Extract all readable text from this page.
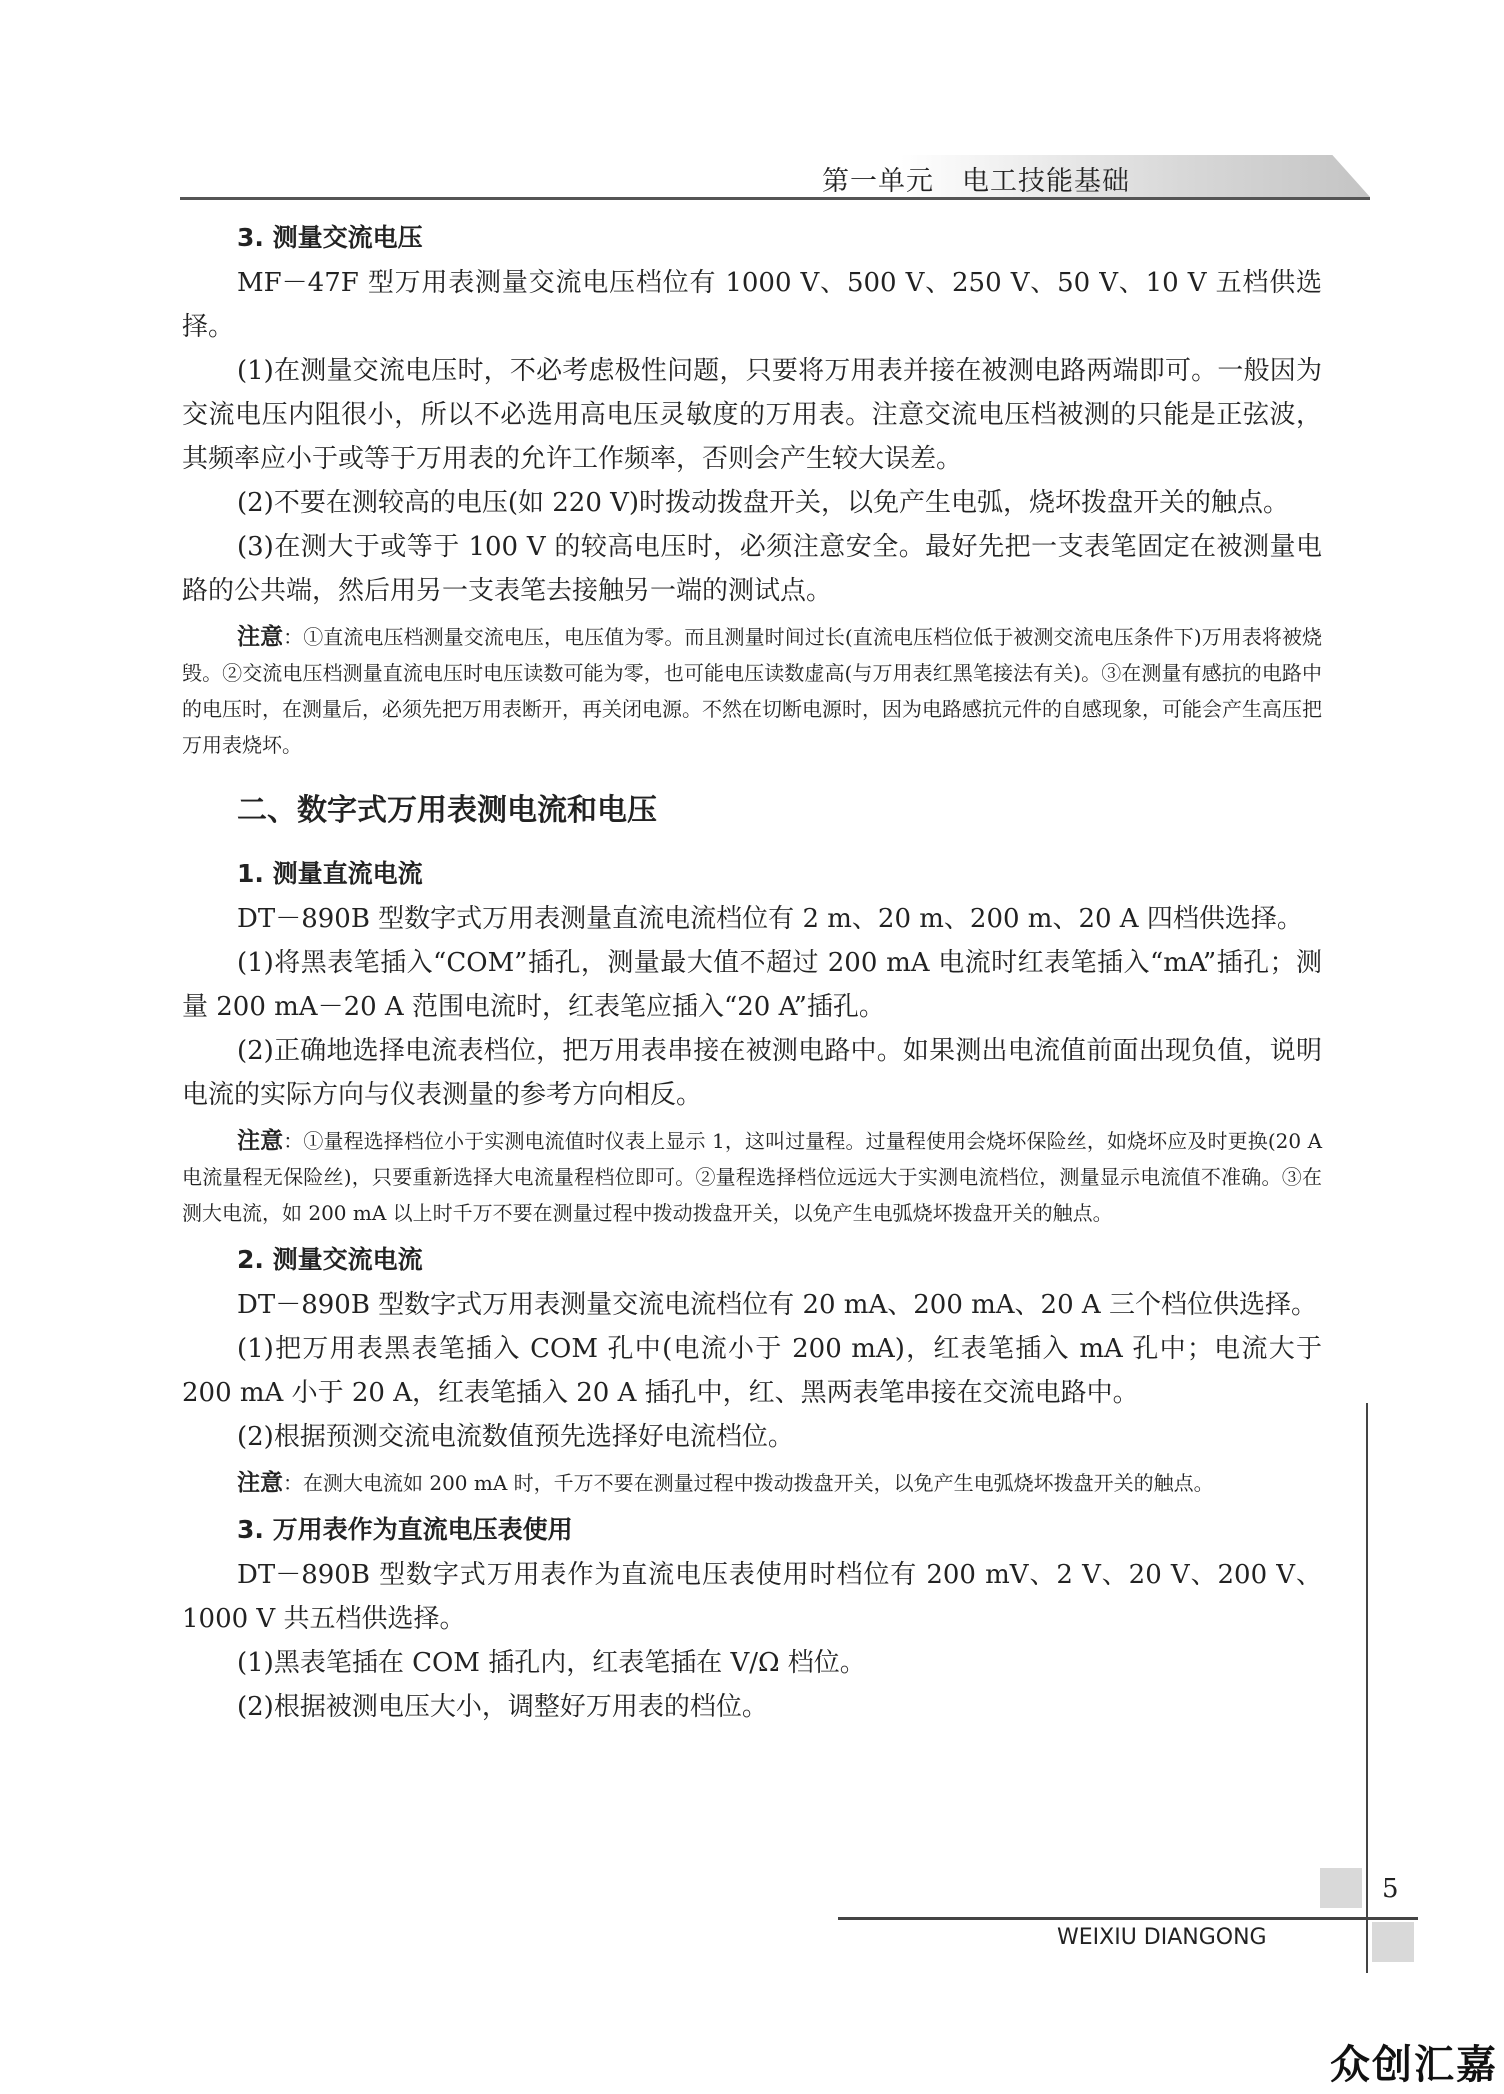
第一单元　电工技能基础
3. 测量交流电压

MF－47F 型万用表测量交流电压档位有 1000 V、500 V、250 V、50 V、10 V 五档供选择。

(1)在测量交流电压时，不必考虑极性问题，只要将万用表并接在被测电路两端即可。一般因为交流电压内阻很小，所以不必选用高电压灵敏度的万用表。注意交流电压档被测的只能是正弦波，其频率应小于或等于万用表的允许工作频率，否则会产生较大误差。

(2)不要在测较高的电压(如 220 V)时拨动拨盘开关，以免产生电弧，烧坏拨盘开关的触点。

(3)在测大于或等于 100 V 的较高电压时，必须注意安全。最好先把一支表笔固定在被测量电路的公共端，然后用另一支表笔去接触另一端的测试点。

注意：①直流电压档测量交流电压，电压值为零。而且测量时间过长(直流电压档位低于被测交流电压条件下)万用表将被烧毁。②交流电压档测量直流电压时电压读数可能为零，也可能电压读数虚高(与万用表红黑笔接法有关)。③在测量有感抗的电路中的电压时，在测量后，必须先把万用表断开，再关闭电源。不然在切断电源时，因为电路感抗元件的自感现象，可能会产生高压把万用表烧坏。

二、数字式万用表测电流和电压
1. 测量直流电流

DT－890B 型数字式万用表测量直流电流档位有 2 m、20 m、200 m、20 A 四档供选择。

(1)将黑表笔插入“COM”插孔，测量最大值不超过 200 mA 电流时红表笔插入“mA”插孔；测量 200 mA－20 A 范围电流时，红表笔应插入“20 A”插孔。

(2)正确地选择电流表档位，把万用表串接在被测电路中。如果测出电流值前面出现负值，说明电流的实际方向与仪表测量的参考方向相反。

注意：①量程选择档位小于实测电流值时仪表上显示 1，这叫过量程。过量程使用会烧坏保险丝，如烧坏应及时更换(20 A 电流量程无保险丝)，只要重新选择大电流量程档位即可。②量程选择档位远远大于实测电流档位，测量显示电流值不准确。③在测大电流，如 200 mA 以上时千万不要在测量过程中拨动拨盘开关，以免产生电弧烧坏拨盘开关的触点。

2. 测量交流电流

DT－890B 型数字式万用表测量交流电流档位有 20 mA、200 mA、20 A 三个档位供选择。

(1)把万用表黑表笔插入 COM 孔中(电流小于 200 mA)，红表笔插入 mA 孔中；电流大于 200 mA 小于 20 A，红表笔插入 20 A 插孔中，红、黑两表笔串接在交流电路中。

(2)根据预测交流电流数值预先选择好电流档位。

注意：在测大电流如 200 mA 时，千万不要在测量过程中拨动拨盘开关，以免产生电弧烧坏拨盘开关的触点。

3. 万用表作为直流电压表使用

DT－890B 型数字式万用表作为直流电压表使用时档位有 200 mV、2 V、20 V、200 V、1000 V 共五档供选择。

(1)黑表笔插在 COM 插孔内，红表笔插在 V/Ω 档位。

(2)根据被测电压大小，调整好万用表的档位。

5
WEIXIU DIANGONG
众创汇嘉
